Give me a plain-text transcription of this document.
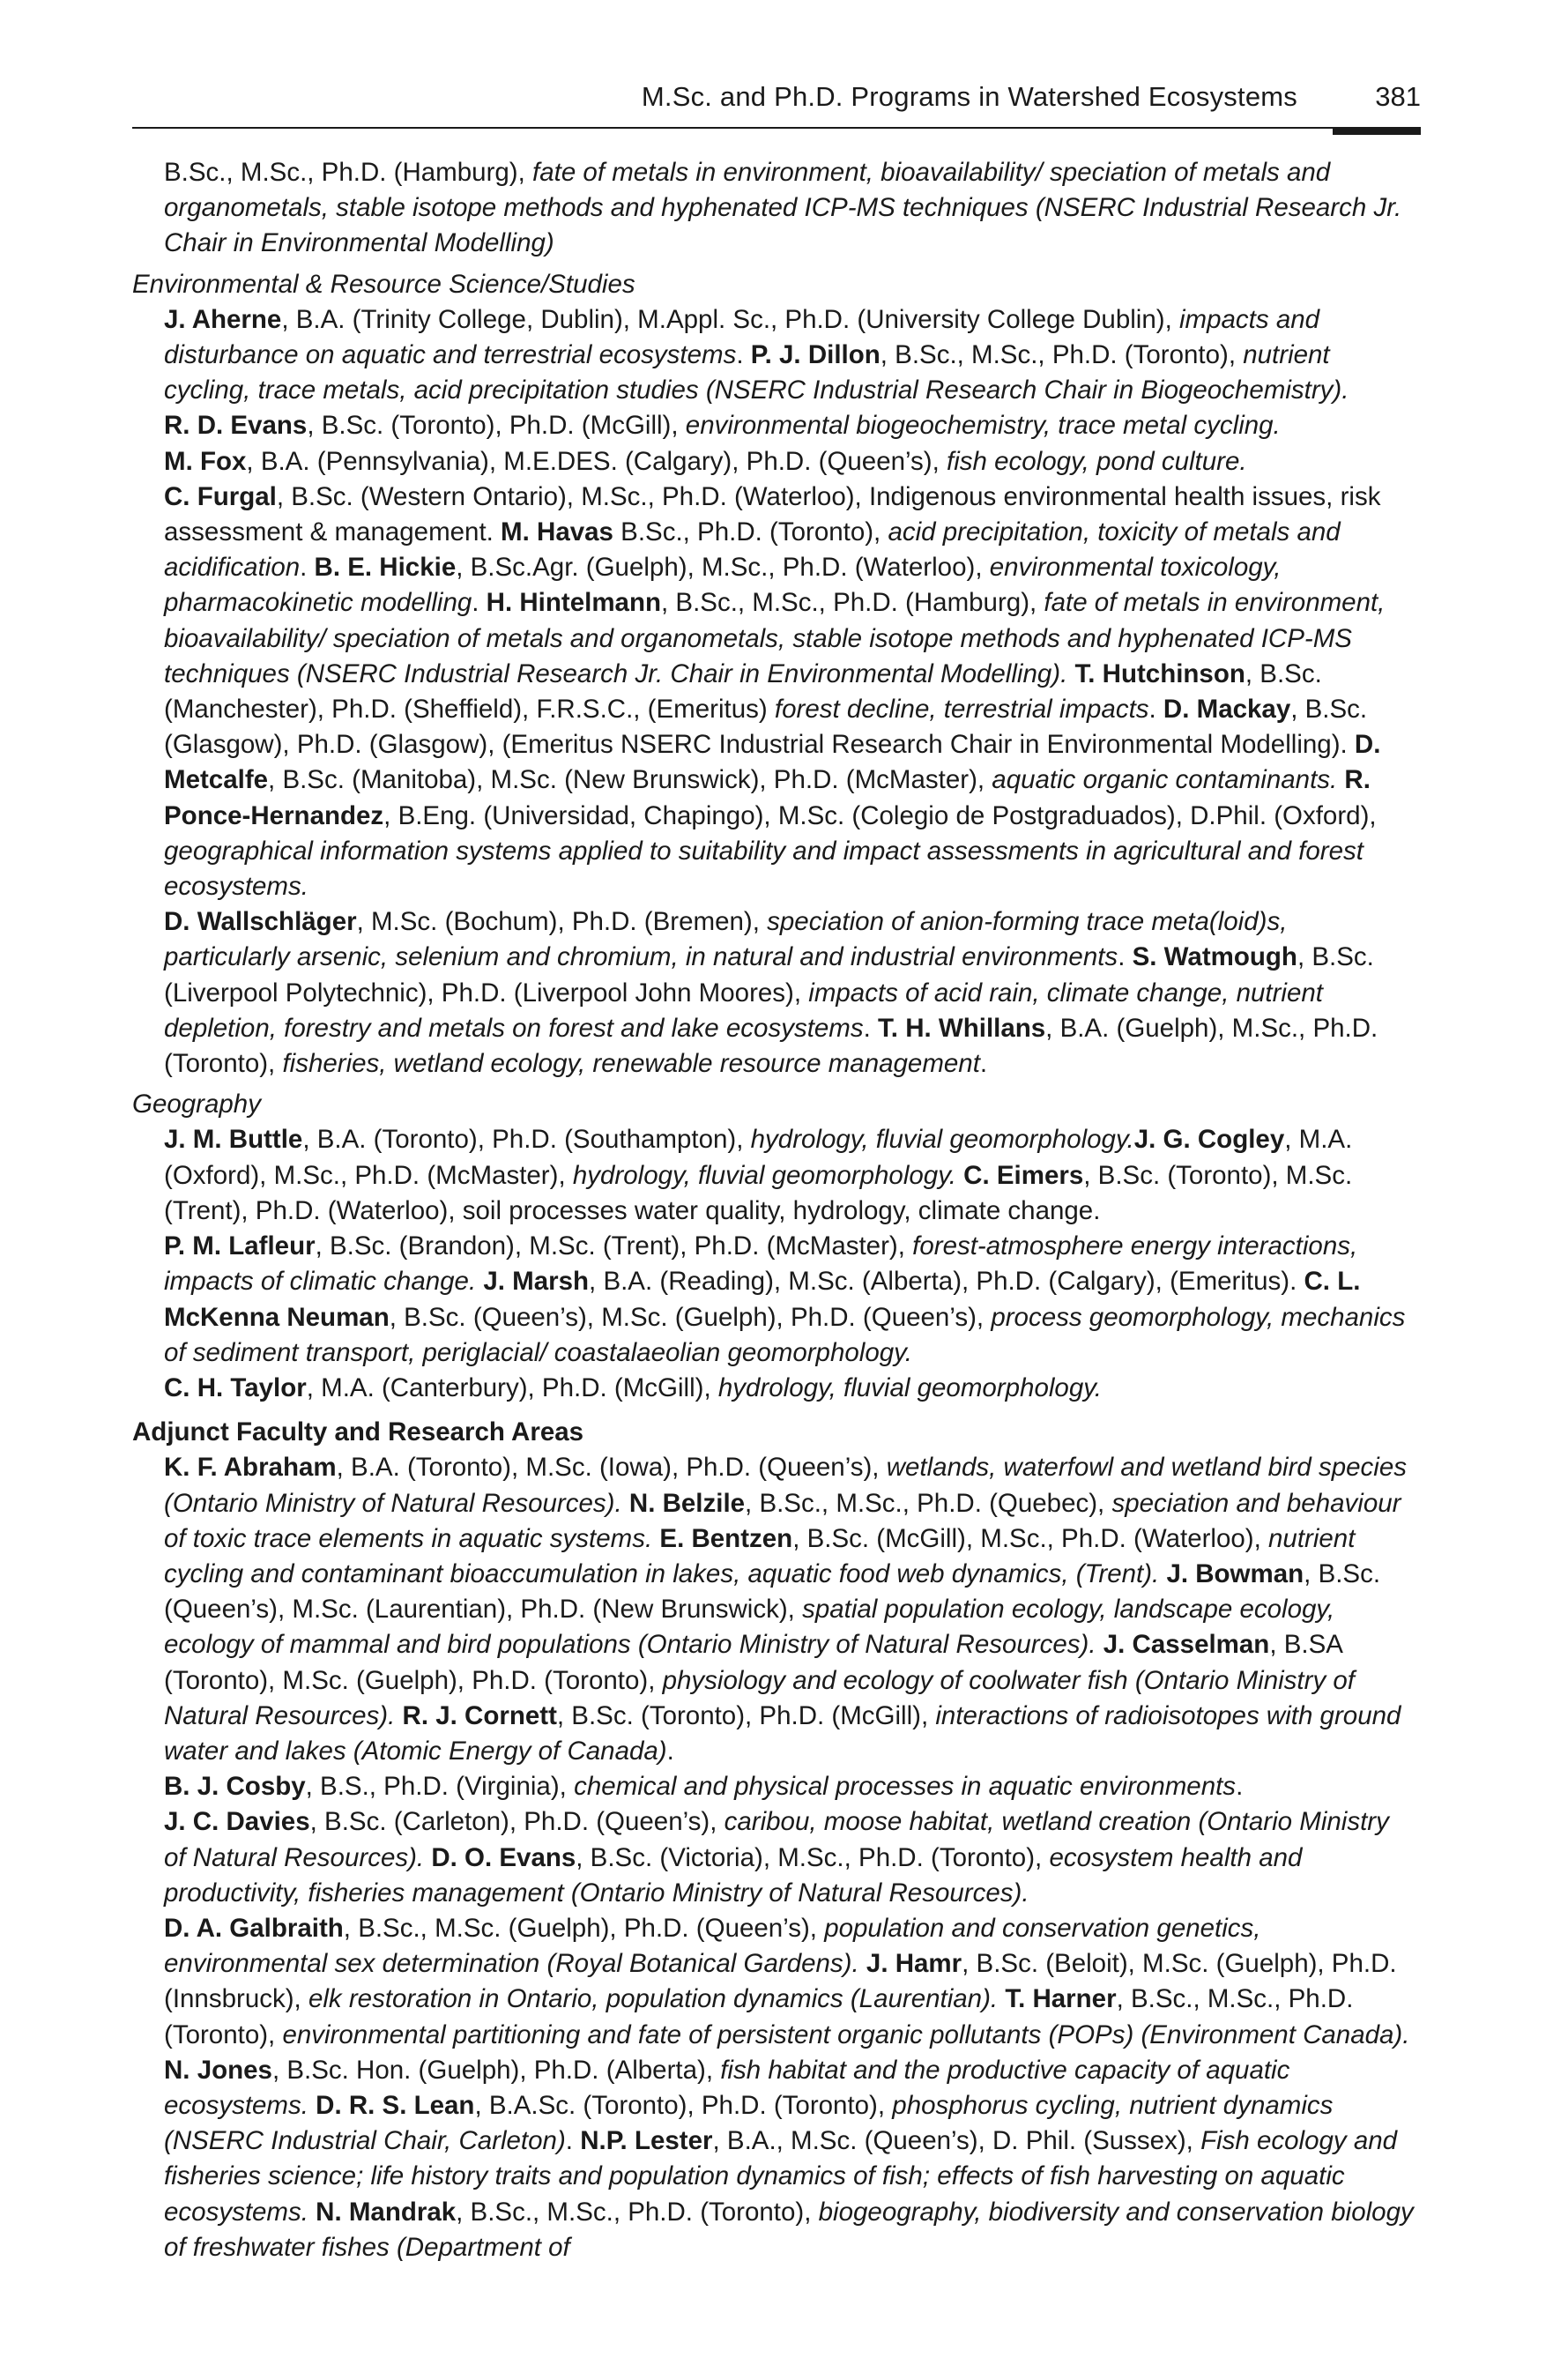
M.Sc. and Ph.D. Programs in Watershed Ecosystems	381

B.Sc., M.Sc., Ph.D. (Hamburg), fate of metals in environment, bioavailability/ speciation of metals and organometals, stable isotope methods and hyphenated ICP-MS techniques (NSERC Industrial Research Jr. Chair in Environmental Modelling)

Environmental & Resource Science/Studies

J. Aherne, B.A. (Trinity College, Dublin), M.Appl. Sc., Ph.D. (University College Dublin), impacts and disturbance on aquatic and terrestrial ecosystems. P. J. Dillon, B.Sc., M.Sc., Ph.D. (Toronto), nutrient cycling, trace metals, acid precipitation studies (NSERC Industrial Research Chair in Biogeochemistry).

R. D. Evans, B.Sc. (Toronto), Ph.D. (McGill), environmental biogeochemistry, trace metal cycling.

M. Fox, B.A. (Pennsylvania), M.E.DES. (Calgary), Ph.D. (Queen’s), fish ecology, pond culture.

C. Furgal, B.Sc. (Western Ontario), M.Sc., Ph.D. (Waterloo), Indigenous environmental health issues, risk assessment & management. M. Havas B.Sc., Ph.D. (Toronto), acid precipitation, toxicity of metals and acidification. B. E. Hickie, B.Sc.Agr. (Guelph), M.Sc., Ph.D. (Waterloo), environmental toxicology, pharmacokinetic modelling. H. Hintelmann, B.Sc., M.Sc., Ph.D. (Hamburg), fate of metals in environment, bioavailability/ speciation of metals and organometals, stable isotope methods and hyphenated ICP-MS techniques (NSERC Industrial Research Jr. Chair in Environmental Modelling). T. Hutchinson, B.Sc. (Manchester), Ph.D. (Sheffield), F.R.S.C., (Emeritus) forest decline, terrestrial impacts. D. Mackay, B.Sc. (Glasgow), Ph.D. (Glasgow), (Emeritus NSERC Industrial Research Chair in Environmental Modelling). D. Metcalfe, B.Sc. (Manitoba), M.Sc. (New Brunswick), Ph.D. (McMaster), aquatic organic contaminants. R. Ponce-Hernandez, B.Eng. (Universidad, Chapingo), M.Sc. (Colegio de Postgraduados), D.Phil. (Oxford), geographical information systems applied to suitability and impact assessments in agricultural and forest ecosystems.

D. Wallschläger, M.Sc. (Bochum), Ph.D. (Bremen), speciation of anion-forming trace meta(loid)s, particularly arsenic, selenium and chromium, in natural and industrial environments. S. Watmough, B.Sc. (Liverpool Polytechnic), Ph.D. (Liverpool John Moores), impacts of acid rain, climate change, nutrient depletion, forestry and metals on forest and lake ecosystems. T. H. Whillans, B.A. (Guelph), M.Sc., Ph.D. (Toronto), fisheries, wetland ecology, renewable resource management.

Geography

J. M. Buttle, B.A. (Toronto), Ph.D. (Southampton), hydrology, fluvial geomorphology.J. G. Cogley, M.A. (Oxford), M.Sc., Ph.D. (McMaster), hydrology, fluvial geomorphology. C. Eimers, B.Sc. (Toronto), M.Sc. (Trent), Ph.D. (Waterloo), soil processes water quality, hydrology, climate change.

P. M. Lafleur, B.Sc. (Brandon), M.Sc. (Trent), Ph.D. (McMaster), forest-atmosphere energy interactions, impacts of climatic change. J. Marsh, B.A. (Reading), M.Sc. (Alberta), Ph.D. (Calgary), (Emeritus). C. L. McKenna Neuman, B.Sc. (Queen’s), M.Sc. (Guelph), Ph.D. (Queen’s), process geomorphology, mechanics of sediment transport, periglacial/ coastalaeolian geomorphology.

C. H. Taylor, M.A. (Canterbury), Ph.D. (McGill), hydrology, fluvial geomorphology.

Adjunct Faculty and Research Areas

K. F. Abraham, B.A. (Toronto), M.Sc. (Iowa), Ph.D. (Queen’s), wetlands, waterfowl and wetland bird species (Ontario Ministry of Natural Resources). N. Belzile, B.Sc., M.Sc., Ph.D. (Quebec), speciation and behaviour of toxic trace elements in aquatic systems. E. Bentzen, B.Sc. (McGill), M.Sc., Ph.D. (Waterloo), nutrient cycling and contaminant bioaccumulation in lakes, aquatic food web dynamics, (Trent). J. Bowman, B.Sc. (Queen’s), M.Sc. (Laurentian), Ph.D. (New Brunswick), spatial population ecology, landscape ecology, ecology of mammal and bird populations (Ontario Ministry of Natural Resources). J. Casselman, B.SA (Toronto), M.Sc. (Guelph), Ph.D. (Toronto), physiology and ecology of coolwater fish (Ontario Ministry of Natural Resources). R. J. Cornett, B.Sc. (Toronto), Ph.D. (McGill), interactions of radioisotopes with ground water and lakes (Atomic Energy of Canada).

B. J. Cosby, B.S., Ph.D. (Virginia), chemical and physical processes in aquatic environments.

J. C. Davies, B.Sc. (Carleton), Ph.D. (Queen’s), caribou, moose habitat, wetland creation (Ontario Ministry of Natural Resources). D. O. Evans, B.Sc. (Victoria), M.Sc., Ph.D. (Toronto), ecosystem health and productivity, fisheries management (Ontario Ministry of Natural Resources).

D. A. Galbraith, B.Sc., M.Sc. (Guelph), Ph.D. (Queen’s), population and conservation genetics, environmental sex determination (Royal Botanical Gardens). J. Hamr, B.Sc. (Beloit), M.Sc. (Guelph), Ph.D. (Innsbruck), elk restoration in Ontario, population dynamics (Laurentian). T. Harner, B.Sc., M.Sc., Ph.D. (Toronto), environmental partitioning and fate of persistent organic pollutants (POPs) (Environment Canada). N. Jones, B.Sc. Hon. (Guelph), Ph.D. (Alberta), fish habitat and the productive capacity of aquatic ecosystems. D. R. S. Lean, B.A.Sc. (Toronto), Ph.D. (Toronto), phosphorus cycling, nutrient dynamics (NSERC Industrial Chair, Carleton). N.P. Lester, B.A., M.Sc. (Queen’s), D. Phil. (Sussex), Fish ecology and fisheries science; life history traits and population dynamics of fish; effects of fish harvesting on aquatic ecosystems. N. Mandrak, B.Sc., M.Sc., Ph.D. (Toronto), biogeography, biodiversity and conservation biology of freshwater fishes (Department of
